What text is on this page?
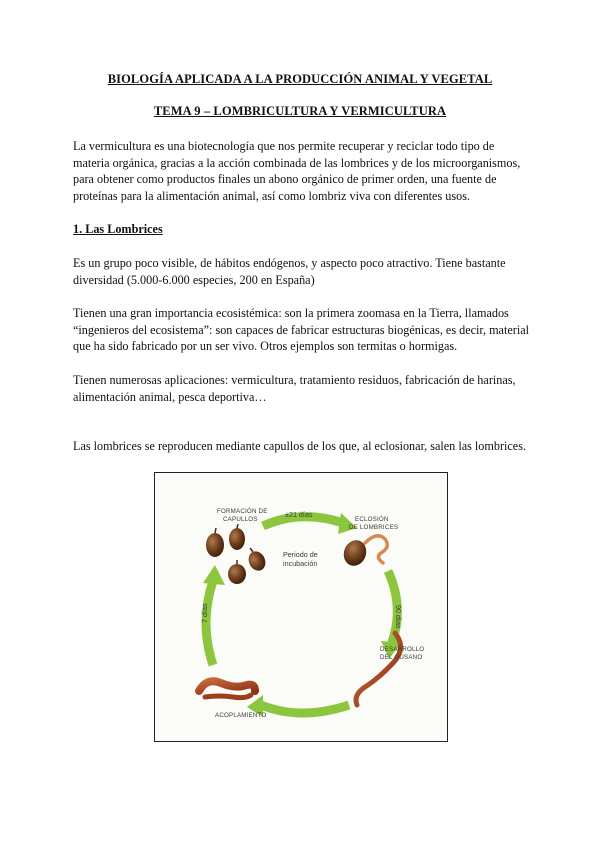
BIOLOGÍA APLICADA A LA PRODUCCIÓN ANIMAL Y VEGETAL
TEMA 9 – LOMBRICULTURA Y VERMICULTURA

La vermicultura es una biotecnología que nos permite recuperar y reciclar todo tipo de
materia orgánica, gracias a la acción combinada de las lombrices y de los microorganismos,
para obtener como productos finales un abono orgánico de primer orden, una fuente de
proteínas para la alimentación animal, así como lombriz viva con diferentes usos.

1. Las Lombrices

Es un grupo poco visible, de hábitos endógenos, y aspecto poco atractivo. Tiene bastante
diversidad (5.000-6.000 especies, 200 en España)

Tienen una gran importancia ecosistémica: son la primera zoomasa en la Tierra, llamados
“ingenieros del ecosistema”: son capaces de fabricar estructuras biogénicas, es decir, material
que ha sido fabricado por un ser vivo. Otros ejemplos son termitas o hormigas.

Tienen numerosas aplicaciones: vermicultura, tratamiento residuos, fabricación de harinas,
alimentación animal, pesca deportiva…

Las lombrices se reproducen mediante capullos de los que, al eclosionar, salen las lombrices.

FORMACIÓN DE
CAPULLOS
±21 días
ECLOSIÓN
DE LOMBRICES
Periodo de
incubación
90 días
DESARROLLO
DEL GUSANO
7 días
ACOPLAMIENTO
